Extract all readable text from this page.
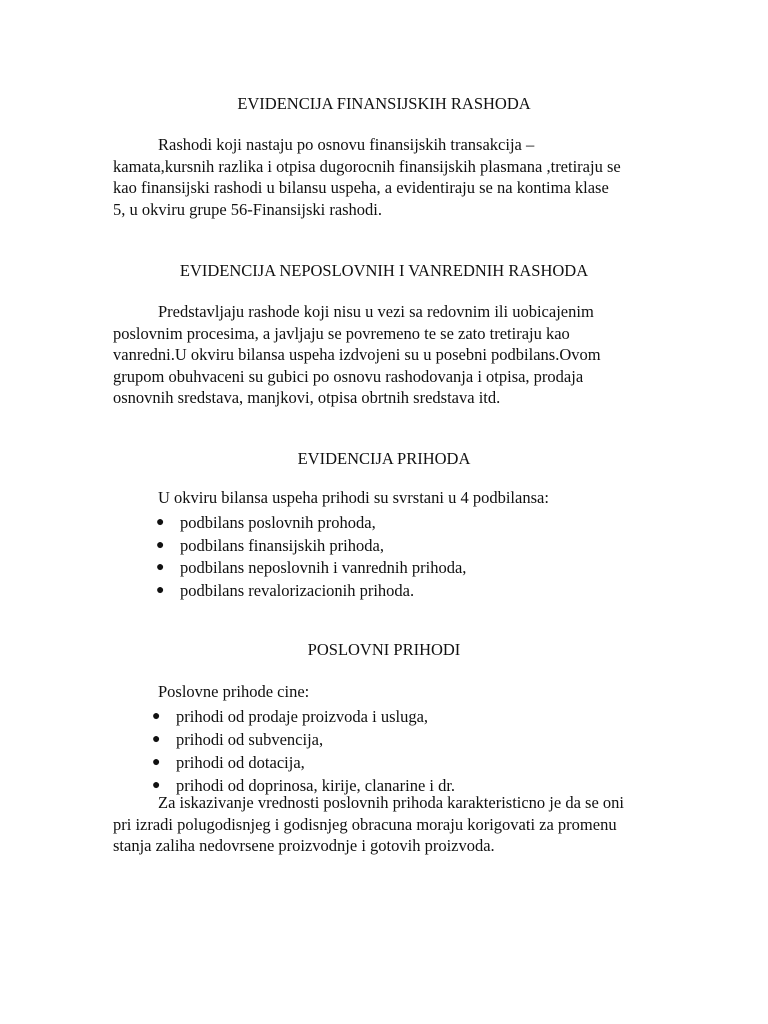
EVIDENCIJA FINANSIJSKIH RASHODA

Rashodi koji nastaju po osnovu finansijskih transakcija –
kamata,kursnih razlika i otpisa dugorocnih finansijskih plasmana ,tretiraju se
kao finansijski rashodi u bilansu uspeha, a evidentiraju se na kontima klase
5, u okviru grupe 56-Finansijski rashodi.

EVIDENCIJA NEPOSLOVNIH I VANREDNIH RASHODA

Predstavljaju rashode koji nisu u vezi sa redovnim ili uobicajenim
poslovnim procesima, a javljaju se povremeno te se zato tretiraju kao
vanredni.U okviru bilansa uspeha izdvojeni su u posebni podbilans.Ovom
grupom obuhvaceni su gubici po osnovu rashodovanja i otpisa, prodaja
osnovnih sredstava, manjkovi, otpisa obrtnih sredstava itd.

EVIDENCIJA PRIHODA
U okviru bilansa uspeha prihodi su svrstani u 4 podbilansa:
● podbilans poslovnih prohoda,
● podbilans finansijskih prihoda,
● podbilans neposlovnih i vanrednih prihoda,
● podbilans revalorizacionih prihoda.
POSLOVNI PRIHODI
Poslovne prihode cine:
● prihodi od prodaje proizvoda i usluga,
● prihodi od subvencija,
● prihodi od dotacija,
● prihodi od doprinosa, kirije, clanarine i dr.

Za iskazivanje vrednosti poslovnih prihoda karakteristicno je da se oni
pri izradi polugodisnjeg i godisnjeg obracuna moraju korigovati za promenu
stanja zaliha nedovrsene proizvodnje i gotovih proizvoda.
